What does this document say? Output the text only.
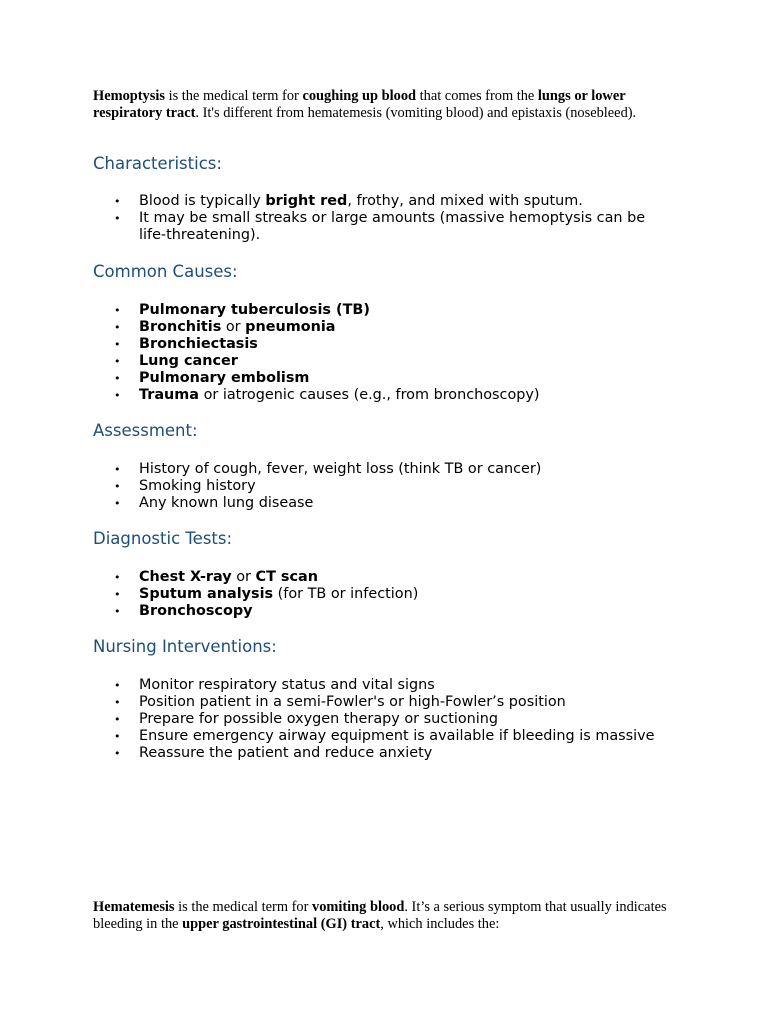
Hemoptysis is the medical term for coughing up blood that comes from the lungs or lower respiratory tract. It's different from hematemesis (vomiting blood) and epistaxis (nosebleed).

Characteristics:
• Blood is typically bright red, frothy, and mixed with sputum.
• It may be small streaks or large amounts (massive hemoptysis can be life-threatening).
Common Causes:
• Pulmonary tuberculosis (TB)
• Bronchitis or pneumonia
• Bronchiectasis
• Lung cancer
• Pulmonary embolism
• Trauma or iatrogenic causes (e.g., from bronchoscopy)
Assessment:
• History of cough, fever, weight loss (think TB or cancer)
• Smoking history
• Any known lung disease
Diagnostic Tests:
• Chest X-ray or CT scan
• Sputum analysis (for TB or infection)
• Bronchoscopy
Nursing Interventions:
• Monitor respiratory status and vital signs
• Position patient in a semi-Fowler's or high-Fowler’s position
• Prepare for possible oxygen therapy or suctioning
• Ensure emergency airway equipment is available if bleeding is massive
• Reassure the patient and reduce anxiety

Hematemesis is the medical term for vomiting blood. It’s a serious symptom that usually indicates bleeding in the upper gastrointestinal (GI) tract, which includes the:
